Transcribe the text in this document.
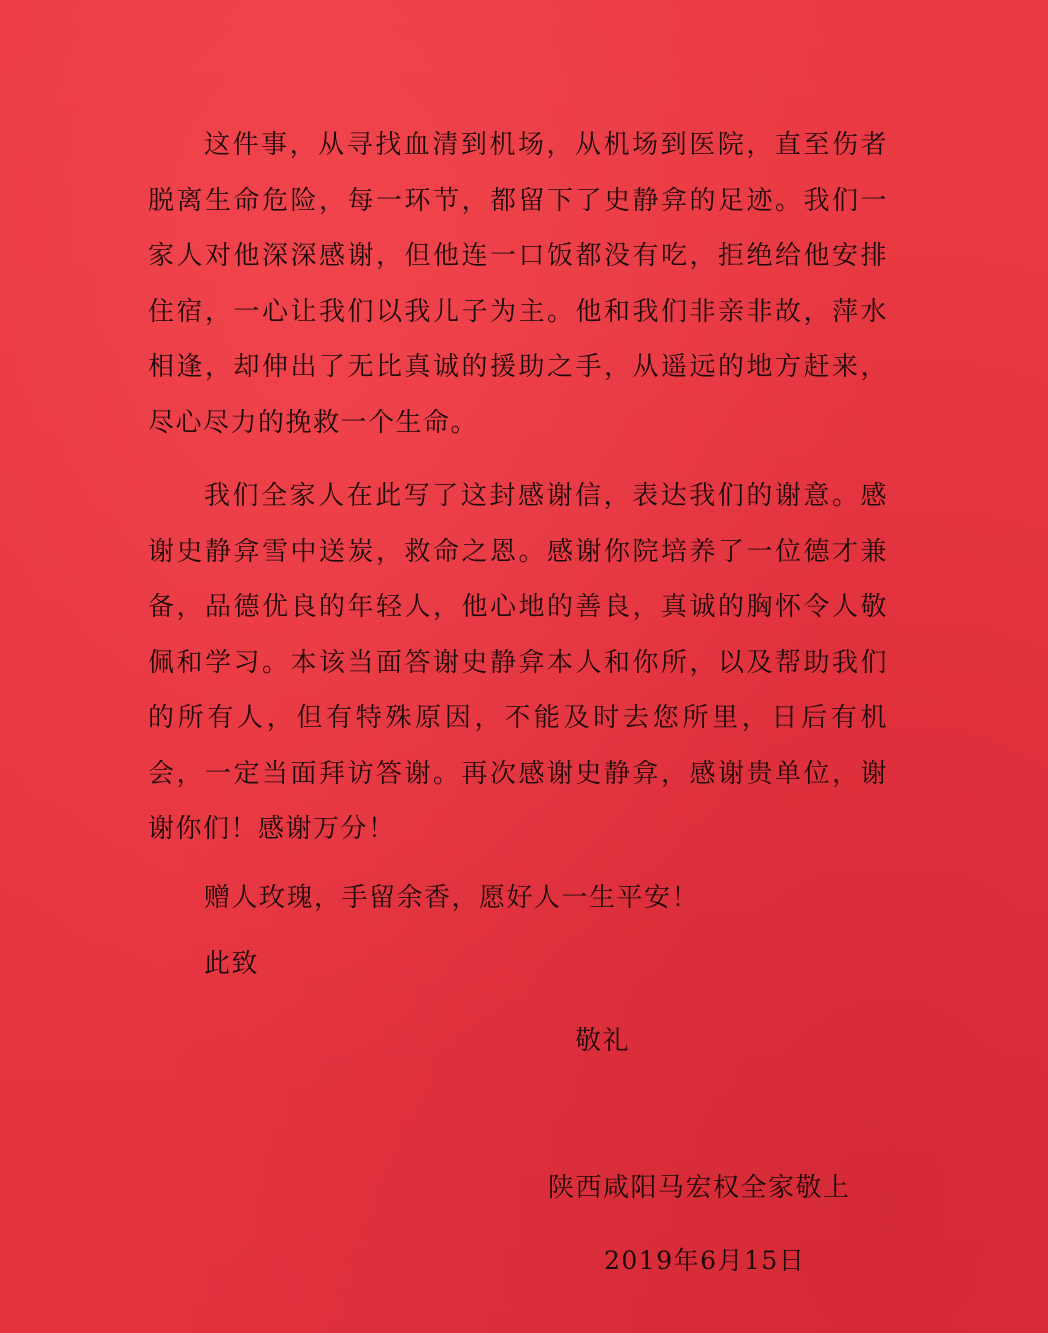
这件事，从寻找血清到机场，从机场到医院，直至伤者脱离生命危险，每一环节，都留下了史静弇的足迹。我们一家人对他深深感谢，但他连一口饭都没有吃，拒绝给他安排住宿，一心让我们以我儿子为主。他和我们非亲非故，萍水相逢，却伸出了无比真诚的援助之手，从遥远的地方赶来，尽心尽力的挽救一个生命。

我们全家人在此写了这封感谢信，表达我们的谢意。感谢史静弇雪中送炭，救命之恩。感谢你院培养了一位德才兼备，品德优良的年轻人，他心地的善良，真诚的胸怀令人敬佩和学习。本该当面答谢史静弇本人和你所，以及帮助我们的所有人，但有特殊原因，不能及时去您所里，日后有机会，一定当面拜访答谢。再次感谢史静弇，感谢贵单位，谢谢你们！感谢万分！

赠人玫瑰，手留余香，愿好人一生平安！

此致

敬礼

陕西咸阳马宏权全家敬上

2019年6月15日
